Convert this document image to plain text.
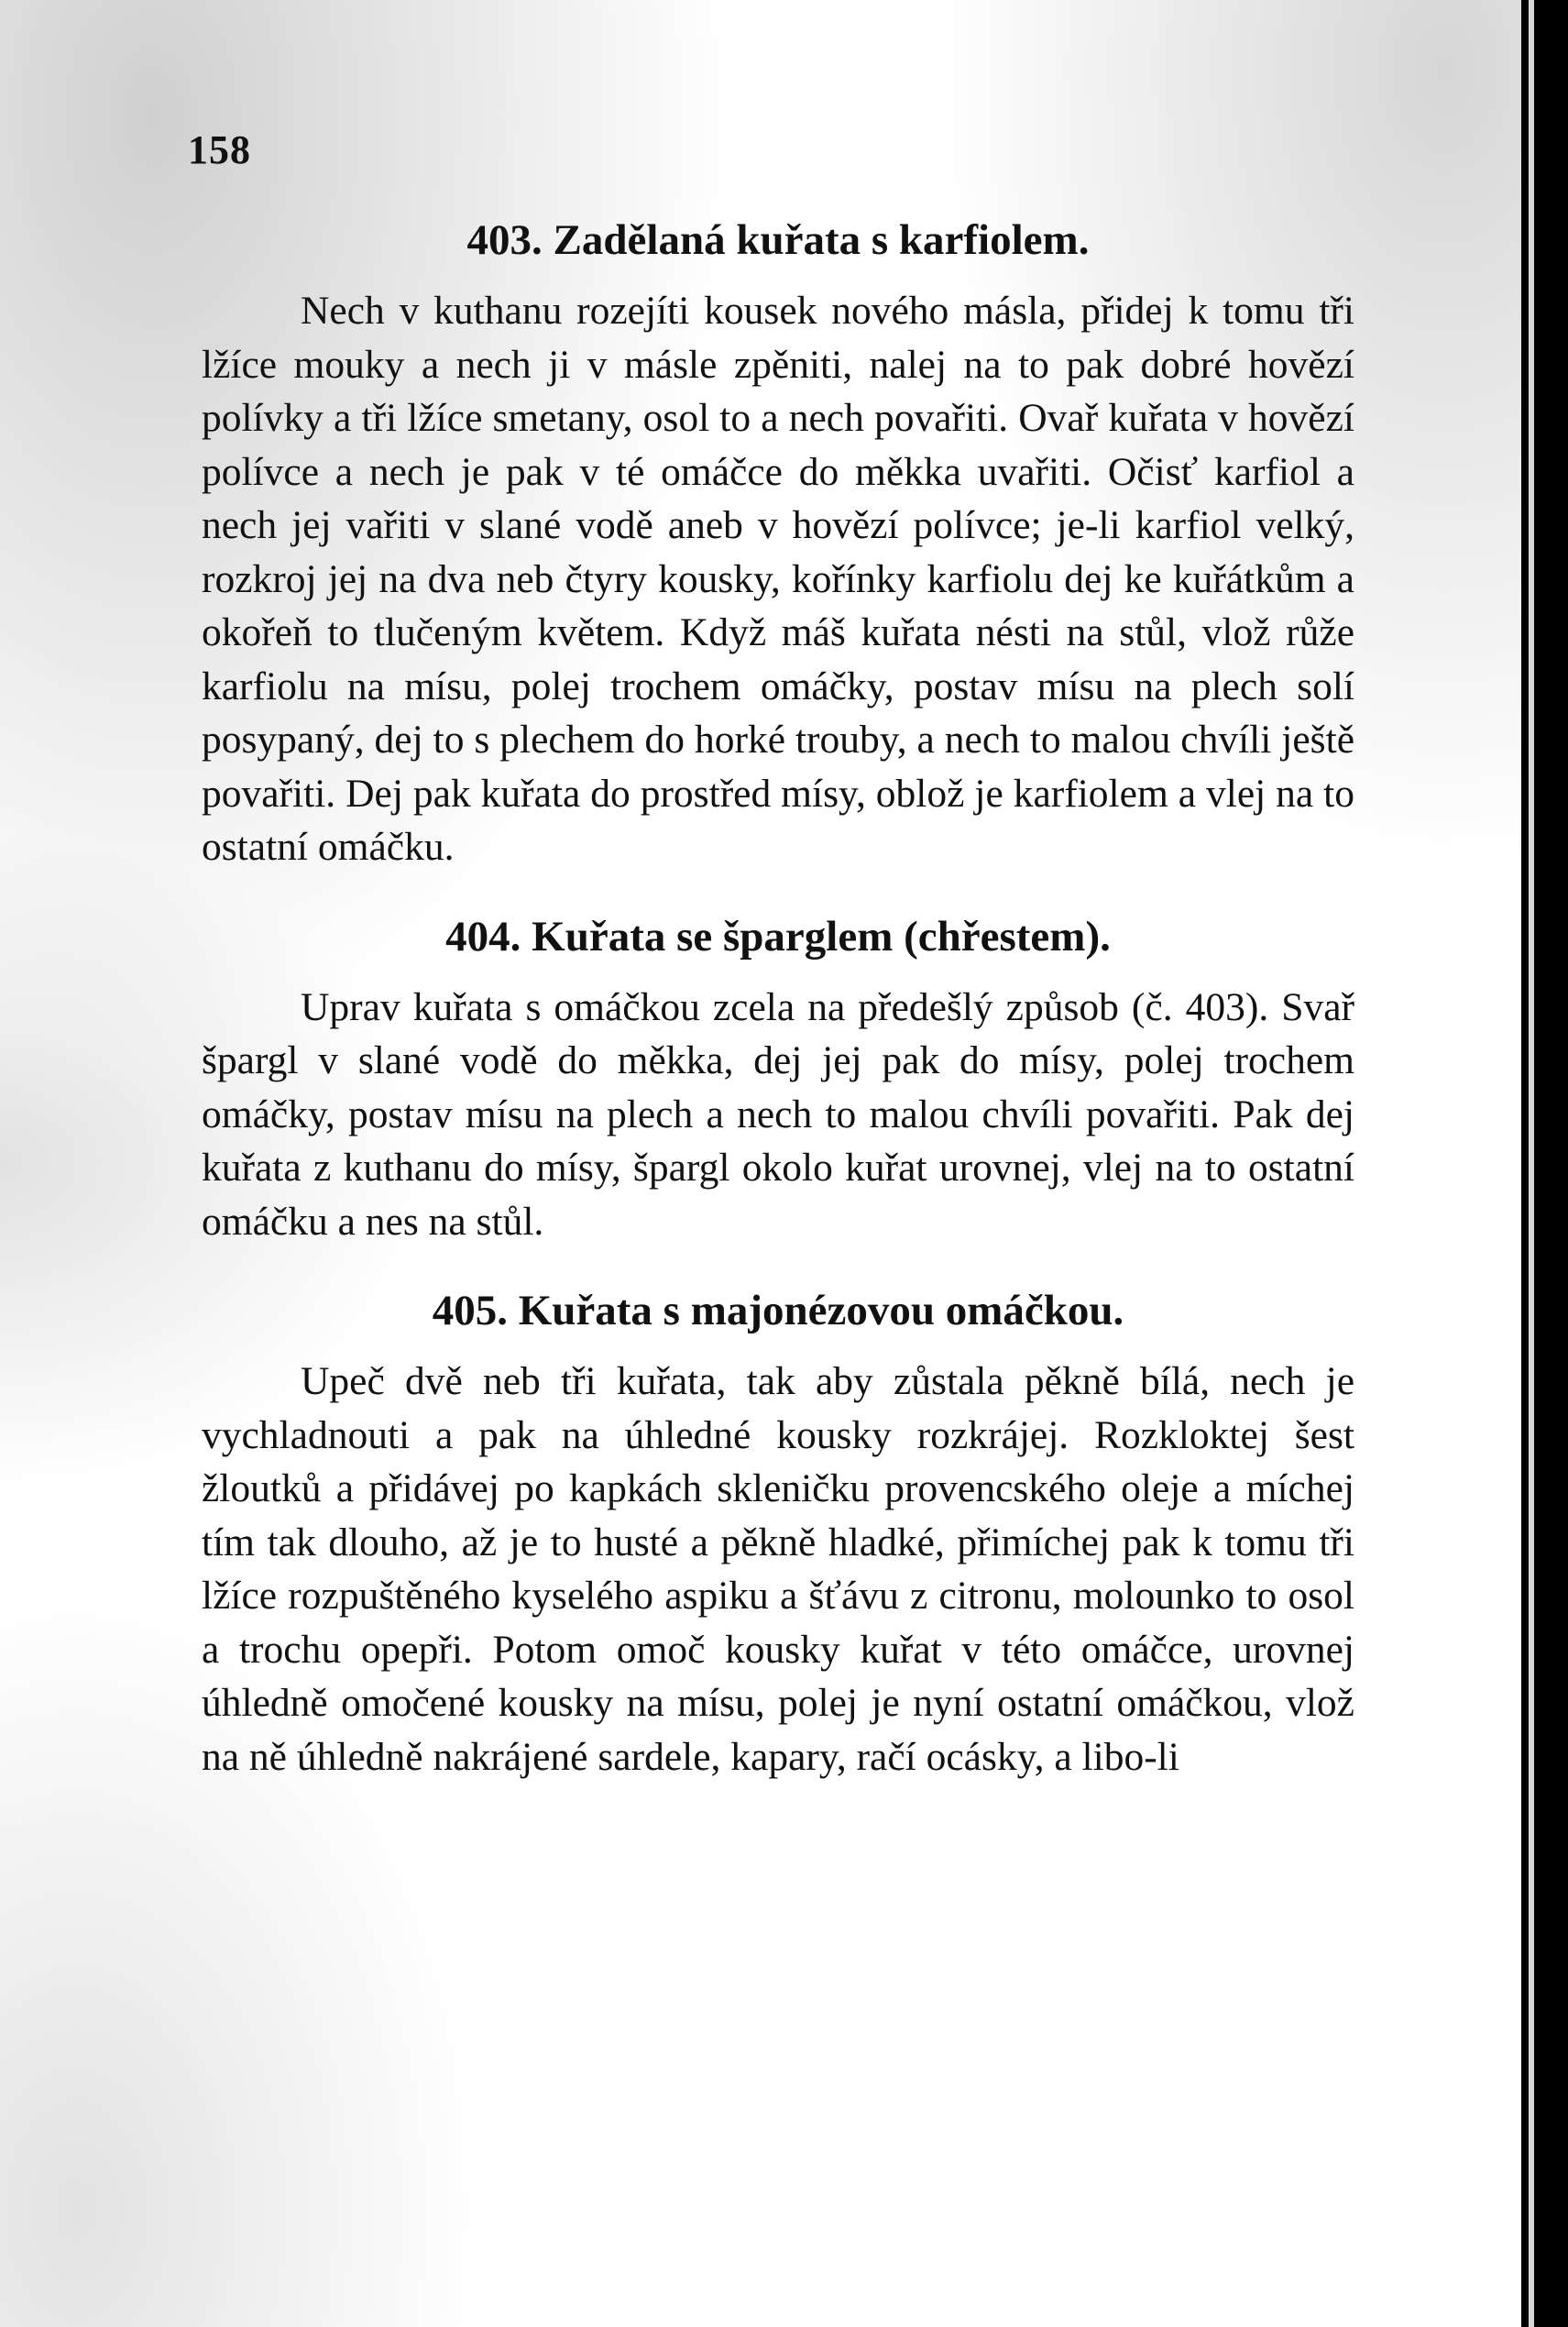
158
403. Zadělaná kuřata s karfiolem.

Nech v kuthanu rozejíti kousek nového másla, přidej k tomu tři lžíce mouky a nech ji v másle zpěniti, nalej na to pak dobré hovězí polívky a tři lžíce smetany, osol to a nech povařiti. Ovař kuřata v hovězí polívce a nech je pak v té omáčce do měkka uvařiti. Očisť karfiol a nech jej vařiti v slané vodě aneb v hovězí polívce; je-li karfiol velký, rozkroj jej na dva neb čtyry kousky, kořínky karfiolu dej ke kuřátkům a okořeň to tlučeným květem. Když máš kuřata nésti na stůl, vlož růže karfiolu na mísu, polej trochem omáčky, postav mísu na plech solí posypaný, dej to s plechem do horké trouby, a nech to malou chvíli ještě povařiti. Dej pak kuřata do prostřed mísy, oblož je karfiolem a vlej na to ostatní omáčku.

404. Kuřata se šparglem (chřestem).

Uprav kuřata s omáčkou zcela na předešlý způsob (č. 403). Svař špargl v slané vodě do měkka, dej jej pak do mísy, polej trochem omáčky, postav mísu na plech a nech to malou chvíli povařiti. Pak dej kuřata z kuthanu do mísy, špargl okolo kuřat urovnej, vlej na to ostatní omáčku a nes na stůl.

405. Kuřata s majonézovou omáčkou.

Upeč dvě neb tři kuřata, tak aby zůstala pěkně bílá, nech je vychladnouti a pak na úhledné kousky rozkrájej. Rozkloktej šest žloutků a přidávej po kapkách skleničku provencského oleje a míchej tím tak dlouho, až je to husté a pěkně hladké, přimíchej pak k tomu tři lžíce rozpuštěného kyselého aspiku a šťávu z citronu, molounko to osol a trochu opepři. Potom omoč kousky kuřat v této omáčce, urovnej úhledně omočené kousky na mísu, polej je nyní ostatní omáčkou, vlož na ně úhledně nakrájené sardele, kapary, račí ocásky, a libo-li
